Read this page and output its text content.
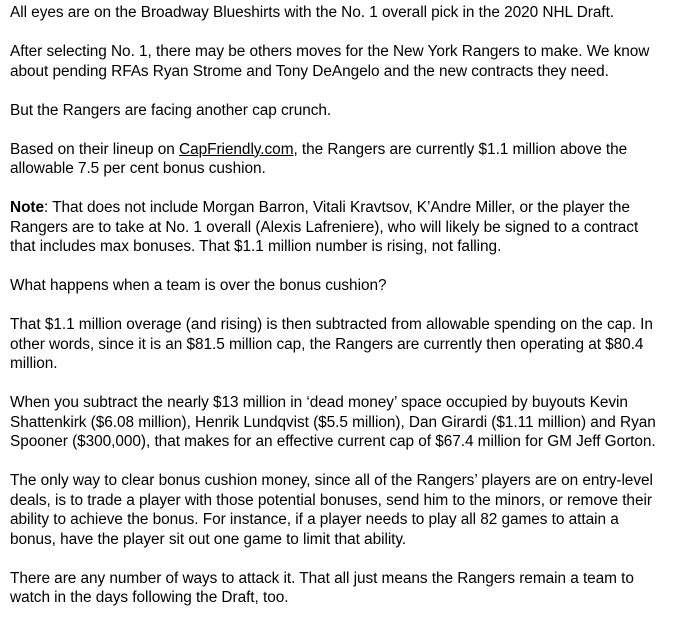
All eyes are on the Broadway Blueshirts with the No. 1 overall pick in the 2020 NHL Draft.

After selecting No. 1, there may be others moves for the New York Rangers to make. We know
about pending RFAs Ryan Strome and Tony DeAngelo and the new contracts they need.

But the Rangers are facing another cap crunch.

Based on their lineup on CapFriendly.com, the Rangers are currently $1.1 million above the
allowable 7.5 per cent bonus cushion.

Note: That does not include Morgan Barron, Vitali Kravtsov, K’Andre Miller, or the player the
Rangers are to take at No. 1 overall (Alexis Lafreniere), who will likely be signed to a contract
that includes max bonuses. That $1.1 million number is rising, not falling.

What happens when a team is over the bonus cushion?

That $1.1 million overage (and rising) is then subtracted from allowable spending on the cap. In
other words, since it is an $81.5 million cap, the Rangers are currently then operating at $80.4
million.

When you subtract the nearly $13 million in ‘dead money’ space occupied by buyouts Kevin
Shattenkirk ($6.08 million), Henrik Lundqvist ($5.5 million), Dan Girardi ($1.11 million) and Ryan
Spooner ($300,000), that makes for an effective current cap of $67.4 million for GM Jeff Gorton.

The only way to clear bonus cushion money, since all of the Rangers’ players are on entry-level
deals, is to trade a player with those potential bonuses, send him to the minors, or remove their
ability to achieve the bonus. For instance, if a player needs to play all 82 games to attain a
bonus, have the player sit out one game to limit that ability.

There are any number of ways to attack it. That all just means the Rangers remain a team to
watch in the days following the Draft, too.
